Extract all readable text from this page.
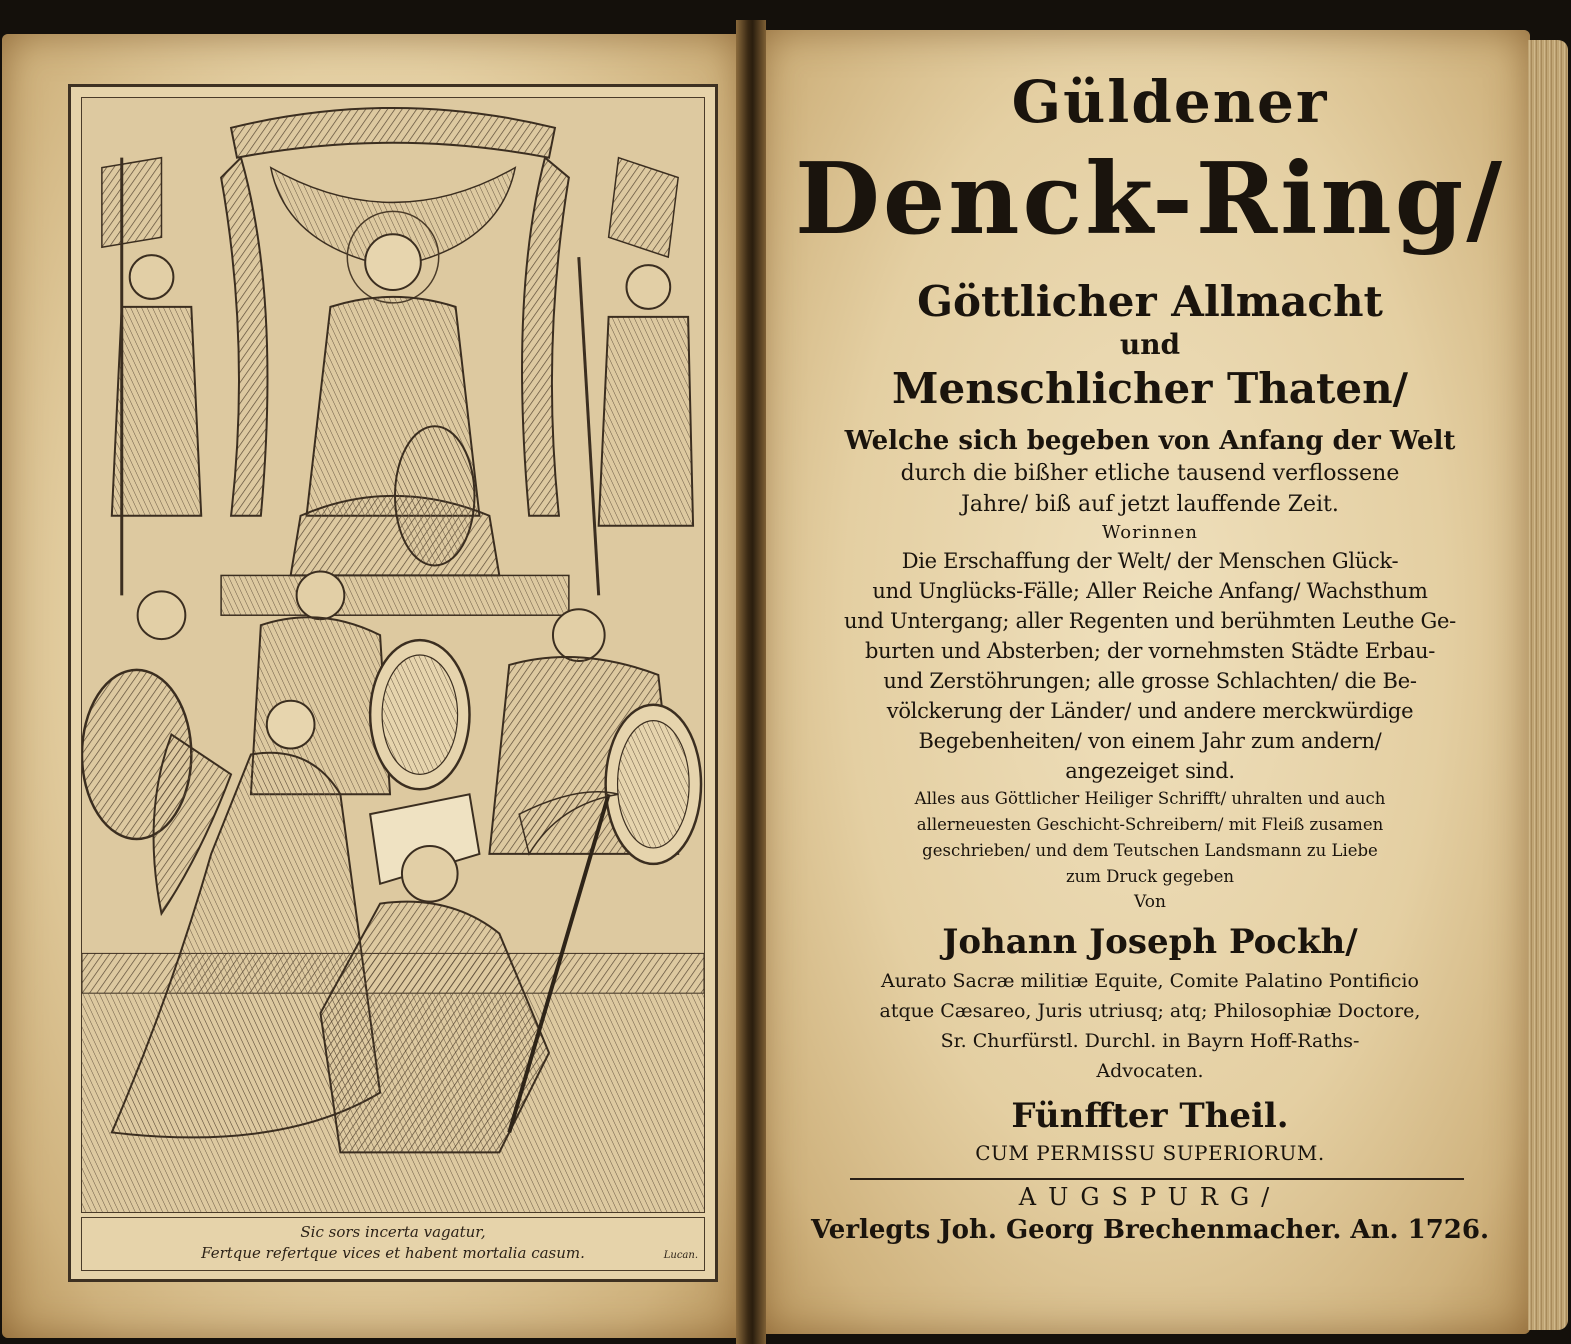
Sic sors incerta vagatur,
Fertque refertque vices et habent mortalia casum.	Lucan.
Güldener
Denck-Ring/
Göttlicher Allmacht
und
Menschlicher Thaten/
Welche sich begeben von Anfang der Welt
durch die bißher etliche tausend verflossene
Jahre/ biß auf jetzt lauffende Zeit.
Worinnen
Die Erschaffung der Welt/ der Menschen Glück-
und Unglücks-Fälle; Aller Reiche Anfang/ Wachsthum
und Untergang; aller Regenten und berühmten Leuthe Ge-
burten und Absterben; der vornehmsten Städte Erbau-
und Zerstöhrungen; alle grosse Schlachten/ die Be-
völckerung der Länder/ und andere merckwürdige
Begebenheiten/ von einem Jahr zum andern/
angezeiget sind.
Alles aus Göttlicher Heiliger Schrifft/ uhralten und auch
allerneuesten Geschicht-Schreibern/ mit Fleiß zusamen
geschrieben/ und dem Teutschen Landsmann zu Liebe
zum Druck gegeben
Von
Johann Joseph Pockh/
Aurato Sacræ militiæ Equite, Comite Palatino Pontificio
atque Cæsareo, Juris utriusq; atq; Philosophiæ Doctore,
Sr. Churfürstl. Durchl. in Bayrn Hoff-Raths-
Advocaten.
Fünffter Theil.
CUM PERMISSU SUPERIORUM.
AUGSPURG/
Verlegts Joh. Georg Brechenmacher. An. 1726.
